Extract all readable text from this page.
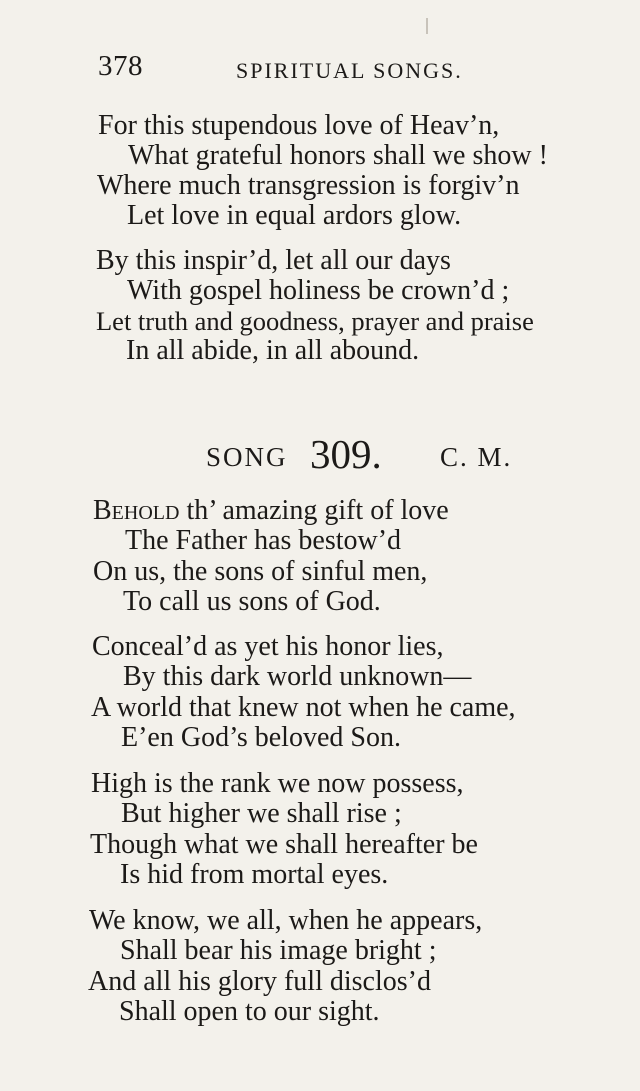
378	SPIRITUAL SONGS.
For this stupendous love of Heav’n,
What grateful honors shall we show !
Where much transgression is forgiv’n
Let love in equal ardors glow.
By this inspir’d, let all our days
With gospel holiness be crown’d ;
Let truth and goodness, prayer and praise
In all abide, in all abound.
SONG 309. C. M.
Behold th’ amazing gift of love
The Father has bestow’d
On us, the sons of sinful men,
To call us sons of God.
Conceal’d as yet his honor lies,
By this dark world unknown—
A world that knew not when he came,
E’en God’s beloved Son.
High is the rank we now possess,
But higher we shall rise ;
Though what we shall hereafter be
Is hid from mortal eyes.
We know, we all, when he appears,
Shall bear his image bright ;
And all his glory full disclos’d
Shall open to our sight.
